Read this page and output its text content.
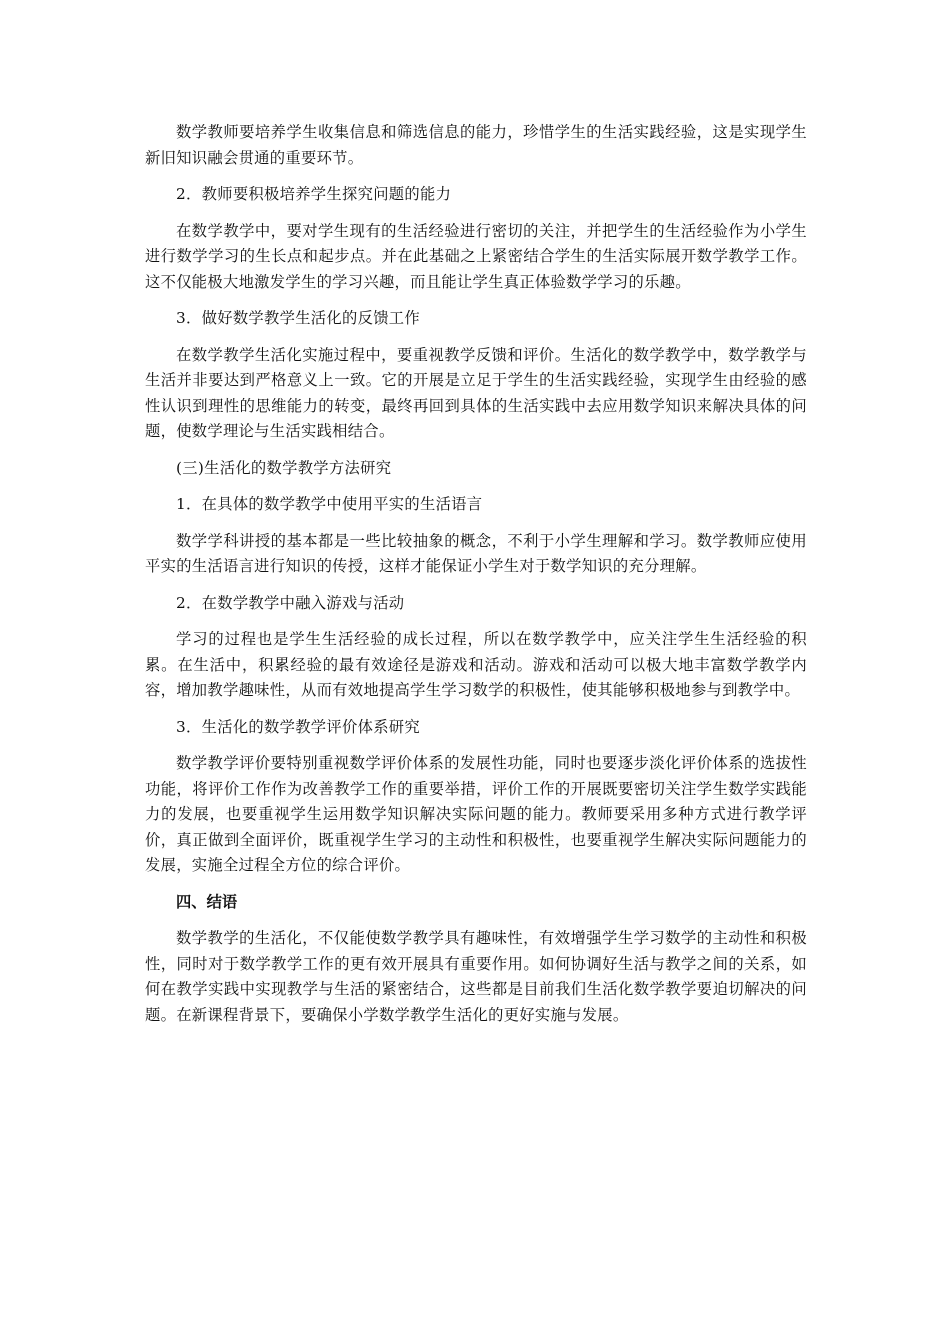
数学教师要培养学生收集信息和筛选信息的能力，珍惜学生的生活实践经验，这是实现学生新旧知识融会贯通的重要环节。

2．教师要积极培养学生探究问题的能力

在数学教学中，要对学生现有的生活经验进行密切的关注，并把学生的生活经验作为小学生进行数学学习的生长点和起步点。并在此基础之上紧密结合学生的生活实际展开数学教学工作。这不仅能极大地激发学生的学习兴趣，而且能让学生真正体验数学学习的乐趣。

3．做好数学教学生活化的反馈工作

在数学教学生活化实施过程中，要重视教学反馈和评价。生活化的数学教学中，数学教学与生活并非要达到严格意义上一致。它的开展是立足于学生的生活实践经验，实现学生由经验的感性认识到理性的思维能力的转变，最终再回到具体的生活实践中去应用数学知识来解决具体的问题，使数学理论与生活实践相结合。

(三)生活化的数学教学方法研究

1．在具体的数学教学中使用平实的生活语言

数学学科讲授的基本都是一些比较抽象的概念，不利于小学生理解和学习。数学教师应使用平实的生活语言进行知识的传授，这样才能保证小学生对于数学知识的充分理解。

2．在数学教学中融入游戏与活动

学习的过程也是学生生活经验的成长过程，所以在数学教学中，应关注学生生活经验的积累。在生活中，积累经验的最有效途径是游戏和活动。游戏和活动可以极大地丰富数学教学内容，增加教学趣味性，从而有效地提高学生学习数学的积极性，使其能够积极地参与到教学中。

3．生活化的数学教学评价体系研究

数学教学评价要特别重视数学评价体系的发展性功能，同时也要逐步淡化评价体系的选拔性功能，将评价工作作为改善教学工作的重要举措，评价工作的开展既要密切关注学生数学实践能力的发展，也要重视学生运用数学知识解决实际问题的能力。教师要采用多种方式进行教学评价，真正做到全面评价，既重视学生学习的主动性和积极性，也要重视学生解决实际问题能力的发展，实施全过程全方位的综合评价。

四、结语

数学教学的生活化，不仅能使数学教学具有趣味性，有效增强学生学习数学的主动性和积极性，同时对于数学教学工作的更有效开展具有重要作用。如何协调好生活与教学之间的关系，如何在教学实践中实现教学与生活的紧密结合，这些都是目前我们生活化数学教学要迫切解决的问题。在新课程背景下，要确保小学数学教学生活化的更好实施与发展。
